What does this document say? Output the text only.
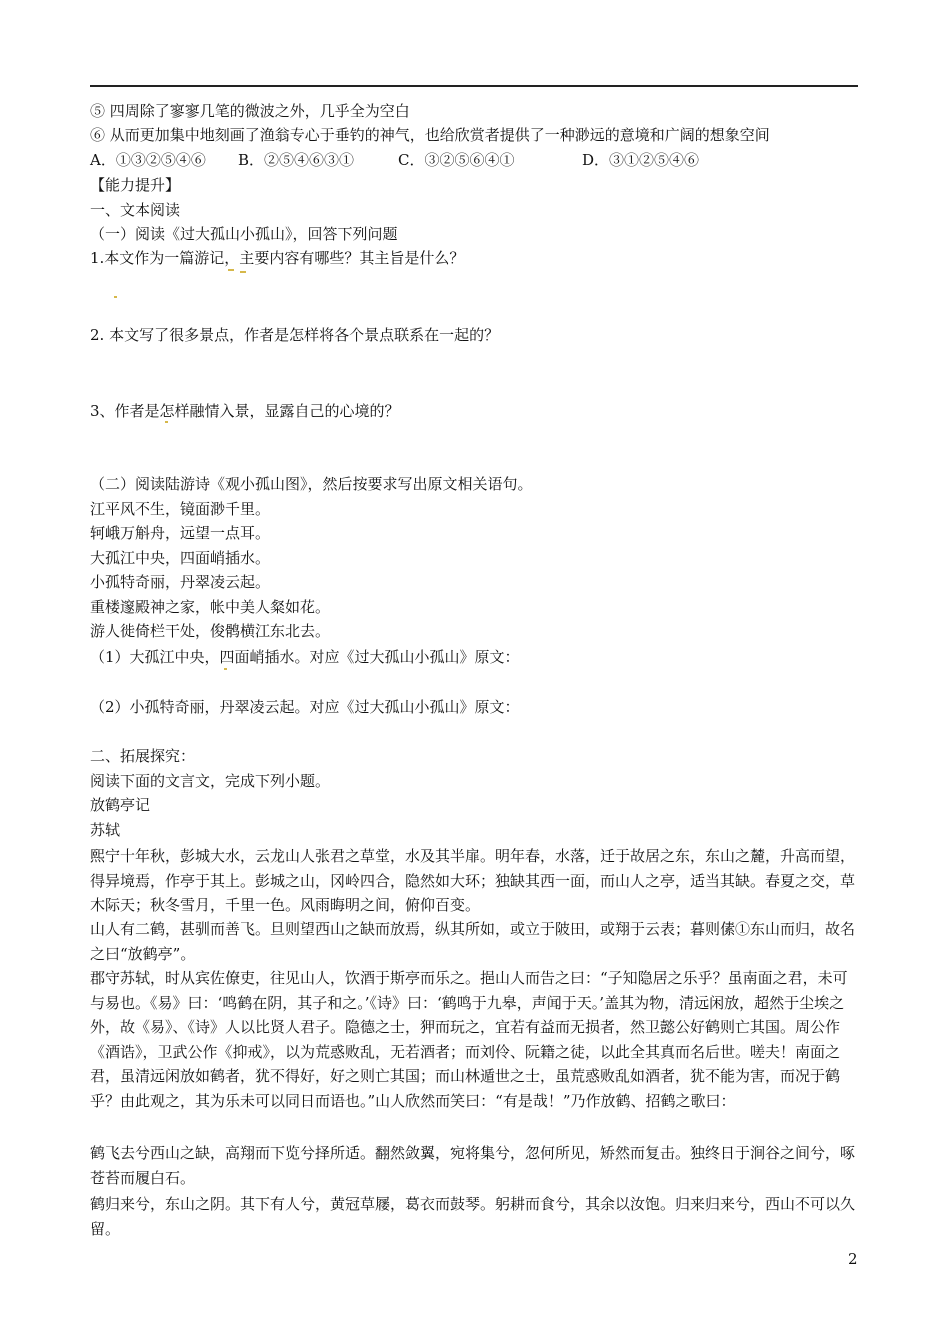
⑤ 四周除了寥寥几笔的微波之外，几乎全为空白
⑥ 从而更加集中地刻画了渔翁专心于垂钓的神气，也给欣赏者提供了一种渺远的意境和广阔的想象空间
A．①③②⑤④⑥	B．②⑤④⑥③①	C．③②⑤⑥④①	D．③①②⑤④⑥
【能力提升】
一、文本阅读
（一）阅读《过大孤山小孤山》，回答下列问题
1.本文作为一篇游记，主要内容有哪些？其主旨是什么？
2. 本文写了很多景点，作者是怎样将各个景点联系在一起的？
3、作者是怎样融情入景，显露自己的心境的？
（二）阅读陆游诗《观小孤山图》，然后按要求写出原文相关语句。
江平风不生，镜面渺千里。
轲峨万斛舟，远望一点耳。
大孤江中央，四面峭插水。
小孤特奇丽，丹翠凌云起。
重楼邃殿神之家，帐中美人粲如花。
游人徙倚栏干处，俊鹘横江东北去。
（1）大孤江中央，四面峭插水。对应《过大孤山小孤山》原文：
（2）小孤特奇丽，丹翠凌云起。对应《过大孤山小孤山》原文：
二、拓展探究：
阅读下面的文言文，完成下列小题。
放鹤亭记
苏轼
熙宁十年秋，彭城大水，云龙山人张君之草堂，水及其半扉。明年春，水落，迁于故居之东，东山之麓，升高而望，得异境焉，作亭于其上。彭城之山，冈岭四合，隐然如大环；独缺其西一面，而山人之亭，适当其缺。春夏之交，草木际天；秋冬雪月，千里一色。风雨晦明之间，俯仰百变。
山人有二鹤，甚驯而善飞。旦则望西山之缺而放焉，纵其所如，或立于陂田，或翔于云表；暮则傃①东山而归，故名之曰“放鹤亭”。
郡守苏轼，时从宾佐僚吏，往见山人，饮酒于斯亭而乐之。挹山人而告之曰：“子知隐居之乐乎？虽南面之君，未可与易也。《易》曰：‘鸣鹤在阴，其子和之。’《诗》曰：‘鹤鸣于九皋，声闻于天。’盖其为物，清远闲放，超然于尘埃之外，故《易》、《诗》人以比贤人君子。隐德之士，狎而玩之，宜若有益而无损者，然卫懿公好鹤则亡其国。周公作《酒诰》，卫武公作《抑戒》，以为荒惑败乱，无若酒者；而刘伶、阮籍之徒，以此全其真而名后世。嗟夫！南面之君，虽清远闲放如鹤者，犹不得好，好之则亡其国；而山林遁世之士，虽荒惑败乱如酒者，犹不能为害，而况于鹤乎？由此观之，其为乐未可以同日而语也。”山人欣然而笑曰：“有是哉！”乃作放鹤、招鹤之歌曰：
鹤飞去兮西山之缺，高翔而下览兮择所适。翻然敛翼，宛将集兮，忽何所见，矫然而复击。独终日于涧谷之间兮，啄苍苔而履白石。
鹤归来兮，东山之阴。其下有人兮，黄冠草屦，葛衣而鼓琴。躬耕而食兮，其余以汝饱。归来归来兮，西山不可以久留。
2
